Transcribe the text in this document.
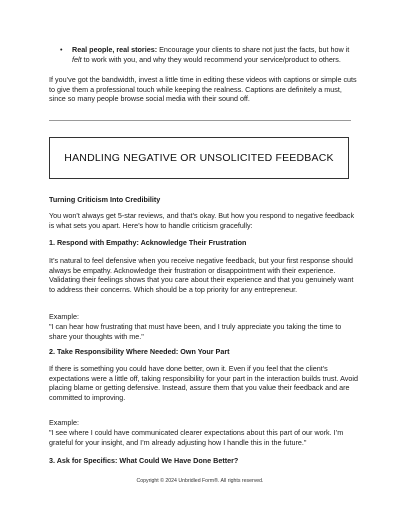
• Real people, real stories: Encourage your clients to share not just the facts, but how it felt to work with you, and why they would recommend your service/product to others.

If you’ve got the bandwidth, invest a little time in editing these videos with captions or simple cuts to give them a professional touch while keeping the realness. Captions are definitely a must, since so many people browse social media with their sound off.

HANDLING NEGATIVE OR UNSOLICITED FEEDBACK
Turning Criticism Into Credibility

You won’t always get 5-star reviews, and that’s okay. But how you respond to negative feedback is what sets you apart. Here’s how to handle criticism gracefully:

1. Respond with Empathy: Acknowledge Their Frustration

It’s natural to feel defensive when you receive negative feedback, but your first response should always be empathy. Acknowledge their frustration or disappointment with their experience. Validating their feelings shows that you care about their experience and that you genuinely want to address their concerns. Which should be a top priority for any entrepreneur.

Example:

"I can hear how frustrating that must have been, and I truly appreciate you taking the time to share your thoughts with me."

2. Take Responsibility Where Needed: Own Your Part

If there is something you could have done better, own it. Even if you feel that the client’s expectations were a little off, taking responsibility for your part in the interaction builds trust. Avoid placing blame or getting defensive. Instead, assure them that you value their feedback and are committed to improving.

Example:

"I see where I could have communicated clearer expectations about this part of our work. I’m grateful for your insight, and I’m already adjusting how I handle this in the future."

3. Ask for Specifics: What Could We Have Done Better?
Copyright © 2024 Unbridled Form®. All rights reserved.
